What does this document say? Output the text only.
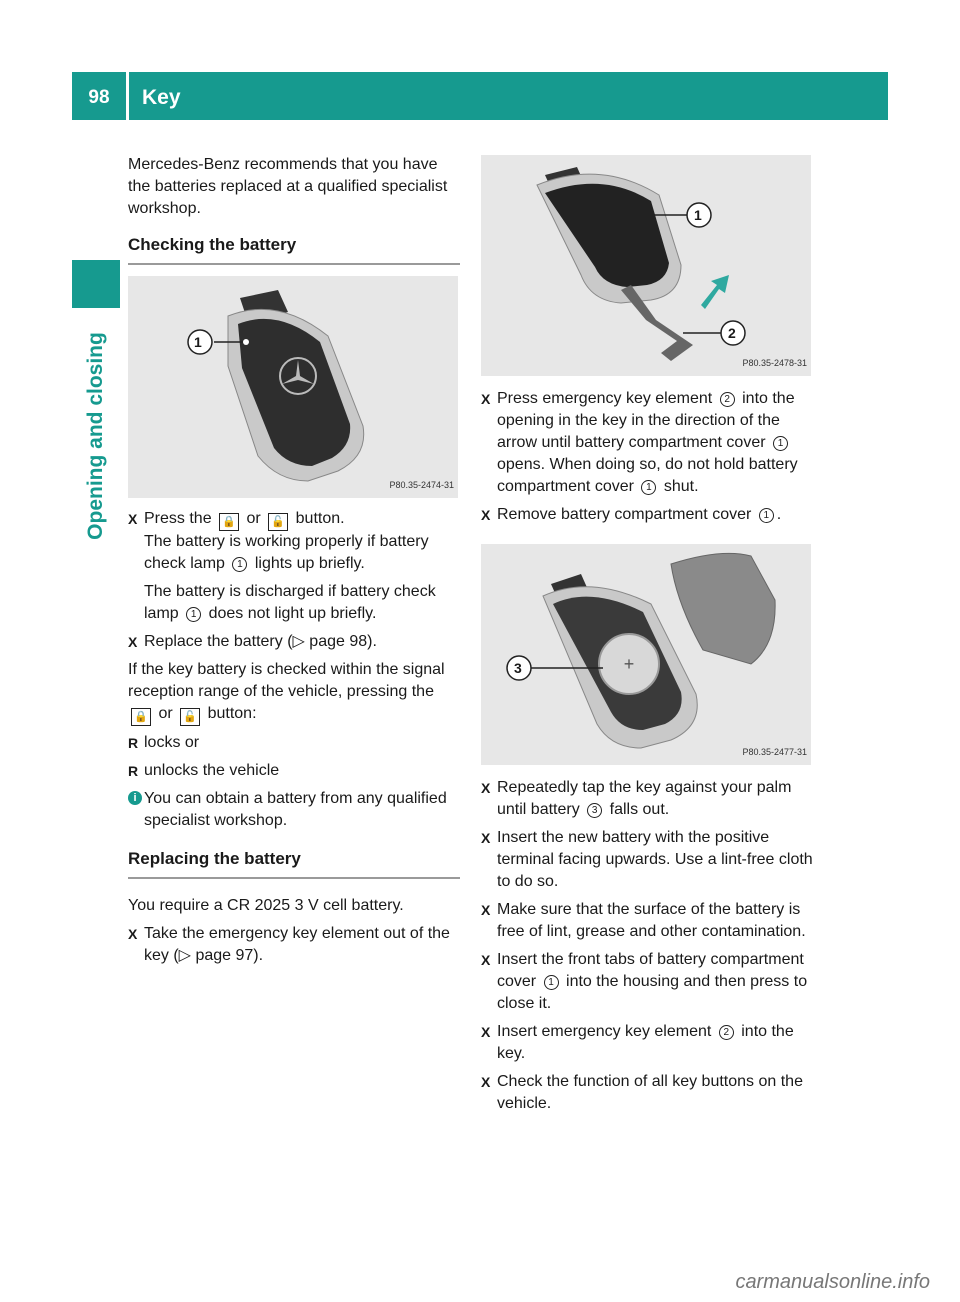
98	Key
Opening and closing

Mercedes-Benz recommends that you have the batteries replaced at a qualified specialist workshop.

Checking the battery
1
P80.35-2474-31
X Press the 🔒 or 🔓 button.
The battery is working properly if battery check lamp 1 lights up briefly.
The battery is discharged if battery check lamp 1 does not light up briefly.
X Replace the battery (▷ page 98).

If the key battery is checked within the signal reception range of the vehicle, pressing the 🔒 or 🔓 button:

R locks or
R unlocks the vehicle
i You can obtain a battery from any qualified specialist workshop.
Replacing the battery

You require a CR 2025 3 V cell battery.

X Take the emergency key element out of the key (▷ page 97).
1
2
P80.35-2478-31
X Press emergency key element 2 into the opening in the key in the direction of the arrow until battery compartment cover 1 opens. When doing so, do not hold battery compartment cover 1 shut.
X Remove battery compartment cover 1 .
+
3
P80.35-2477-31
X Repeatedly tap the key against your palm until battery 3 falls out.
X Insert the new battery with the positive terminal facing upwards. Use a lint-free cloth to do so.
X Make sure that the surface of the battery is free of lint, grease and other contamination.
X Insert the front tabs of battery compartment cover 1 into the housing and then press to close it.
X Insert emergency key element 2 into the key.
X Check the function of all key buttons on the vehicle.
carmanualsonline.info
